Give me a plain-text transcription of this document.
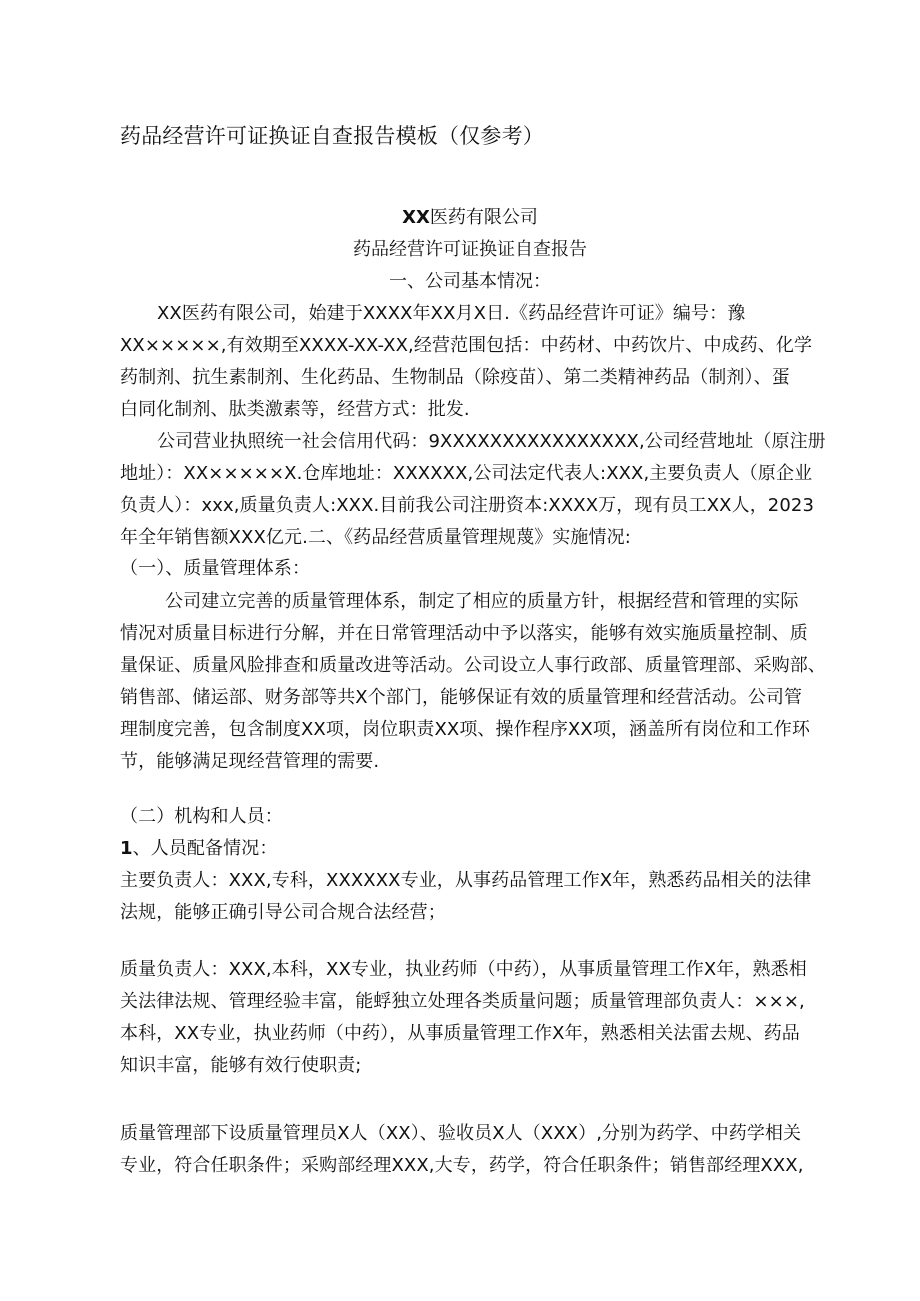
药品经营许可证换证自查报告模板（仅参考）
XX医药有限公司
药品经营许可证换证自查报告
一、公司基本情况：
XX医药有限公司，始建于XXXX年XX月X日.《药品经营许可证》编号：豫
XX×××××,有效期至XXXX-XX-XX,经营范围包括：中药材、中药饮片、中成药、化学
药制剂、抗生素制剂、生化药品、生物制品（除疫苗）、第二类精神药品（制剂）、蛋
白同化制剂、肽类激素等，经营方式：批发.
公司营业执照统一社会信用代码：9XXXXXXXXXXXXXXXX,公司经营地址（原注册
地址）：XX×××××X.仓库地址：XXXXXX,公司法定代表人:XXX,主要负责人（原企业
负责人）：xxx,质量负责人:XXX.目前我公司注册资本:XXXX万，现有员工XX人，2023
年全年销售额XXX亿元.二、《药品经营质量管理规蔑》实施情况:
（一）、质量管理体系：
公司建立完善的质量管理体系，制定了相应的质量方针，根据经营和管理的实际
情况对质量目标进行分解，并在日常管理活动中予以落实，能够有效实施质量控制、质
量保证、质量风脸排查和质量改进等活动。公司设立人事行政部、质量管理部、采购部、
销售部、储运部、财务部等共X个部门，能够保证有效的质量管理和经营活动。公司管
理制度完善，包含制度XX项，岗位职责XX项、操作程序XX项，涵盖所有岗位和工作环
节，能够满足现经营管理的需要.
（二）机构和人员：
1、人员配备情况：
主要负责人：XXX,专科，XXXXXX专业，从事药品管理工作X年，熟悉药品相关的法律
法规，能够正确引导公司合规合法经营；
质量负责人：XXX,本科，XX专业，执业药师（中药），从事质量管理工作X年，熟悉相
关法律法规、管理经验丰富，能蜉独立处理各类质量问题；质量管理部负责人：×××,
本科，XX专业，执业药师（中药），从事质量管理工作X年，熟悉相关法雷去规、药品
知识丰富，能够有效行使职责;
质量管理部下设质量管理员X人（XX）、验收员X人（XXX）,分别为药学、中药学相关
专业，符合任职条件；采购部经理XXX,大专，药学，符合任职条件；销售部经理XXX,
